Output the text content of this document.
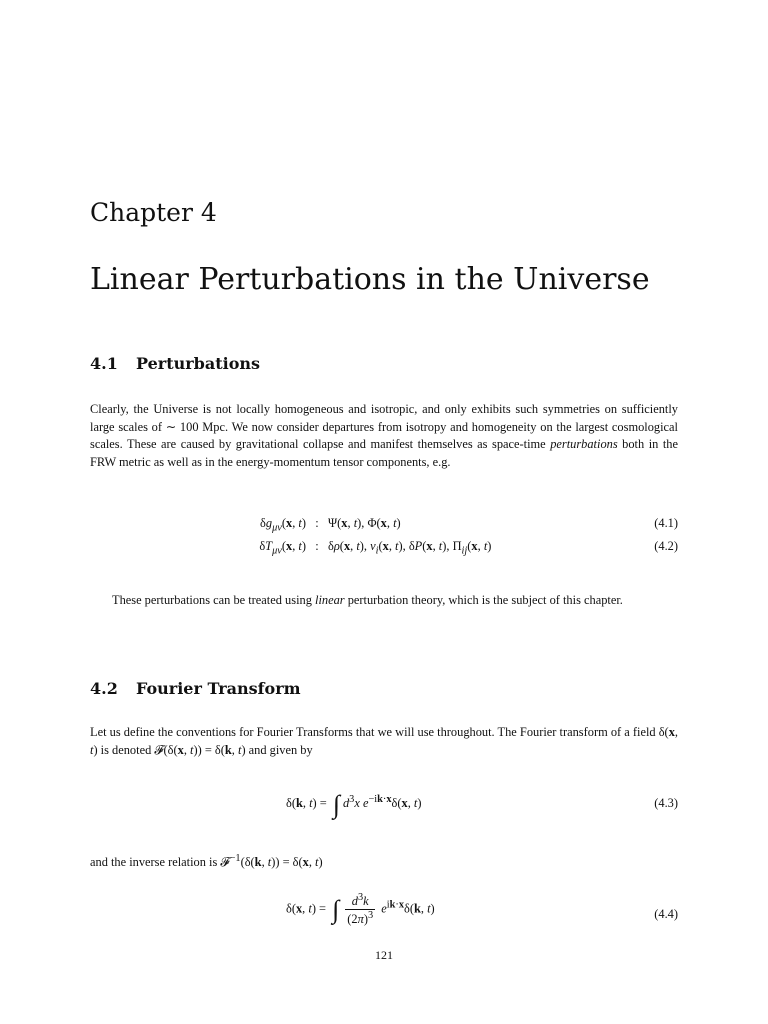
Chapter 4
Linear Perturbations in the Universe
4.1 Perturbations
Clearly, the Universe is not locally homogeneous and isotropic, and only exhibits such symmetries on sufficiently large scales of ∼ 100 Mpc. We now consider departures from isotropy and homogeneity on the largest cosmological scales. These are caused by gravitational collapse and manifest themselves as space-time perturbations both in the FRW metric as well as in the energy-momentum tensor components, e.g.
$\delta g_{\mu\nu}(x$, t) : Ψ(x, t), Φ(x, t)	(4.1)
$\delta T_{\mu\nu}(x$, t) : δρ(x, t), $v_i(x$, t), δP(x, t), $\Pi_{ij}(x$, t)	(4.2)
These perturbations can be treated using linear perturbation theory, which is the subject of this chapter.
4.2 Fourier Transform
Let us define the conventions for Fourier Transforms that we will use throughout. The Fourier transform of a field δ(x, t) is denoted 𝓕(δ(x, t)) = δ(k, t) and given by
δ(k, t) = ∫ $d^3x$ $e^{-ik\cdot x}\delta(x$, t)	(4.3)
and the inverse relation is 𝓕$^{-1}$(δ(k, t)) = δ(x, t)
δ(x, t) = ∫ $\frac{d^3k}{(2\pi)^3} e^{ik\cdot x}\delta(k$, t)	(4.4)
121
